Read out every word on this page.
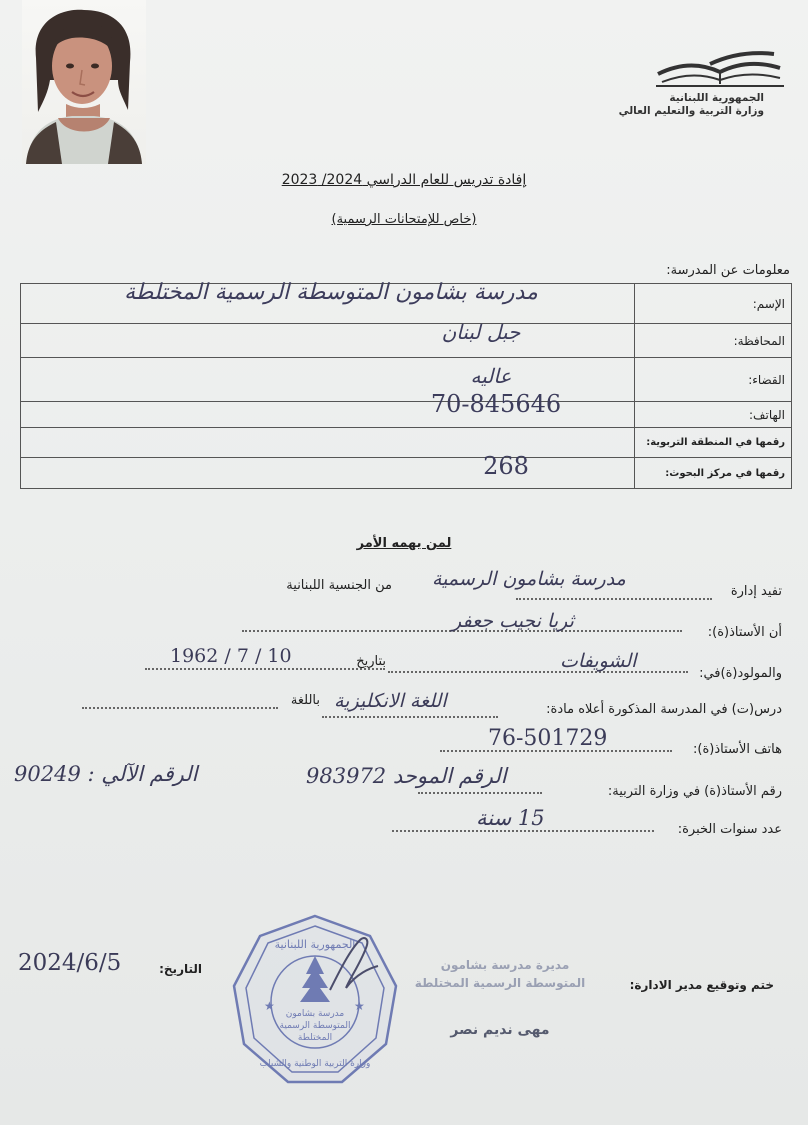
الجمهورية اللبنانية
وزارة التربية والتعليم العالي
إفادة تدريس للعام الدراسي 2024/ 2023
(خاص للإمتحانات الرسمية)
معلومات عن المدرسة:
مدرسة بشامون المتوسطة الرسمية المختلطة	الإسم:

جبل لبنان	المحافظة:

عاليه	القضاء:

70-845646	الهاتف:

	رقمها في المنطقة التربوية:

268	رقمها في مركز البحوث:
لمن يهمه الأمر
تفيد إدارة
مدرسة بشامون الرسمية
من الجنسية اللبنانية
أن الأستاذ(ة):
ثريا نجيب جعفر
والمولود(ة)في:
الشويفات
بتاريخ
1962 / 7 / 10
درس(ت) في المدرسة المذكورة أعلاه مادة:
اللغة الانكليزية
باللغة
هاتف الأستاذ(ة):
76-501729
رقم الأستاذ(ة) في وزارة التربية:
الرقم الموحد 983972
الرقم الآلي : 90249
عدد سنوات الخبرة:
15 سنة
التاريخ:
2024/6/5
ختم وتوقيع مدير الادارة:
مديرة مدرسة بشامون
المتوسطة الرسمية المختلطة
مهى نديم نصر
الجمهورية اللبنانية
مدرسة بشامون
المتوسطة الرسمية
المختلطة
وزارة التربية الوطنية والشباب
★	★
